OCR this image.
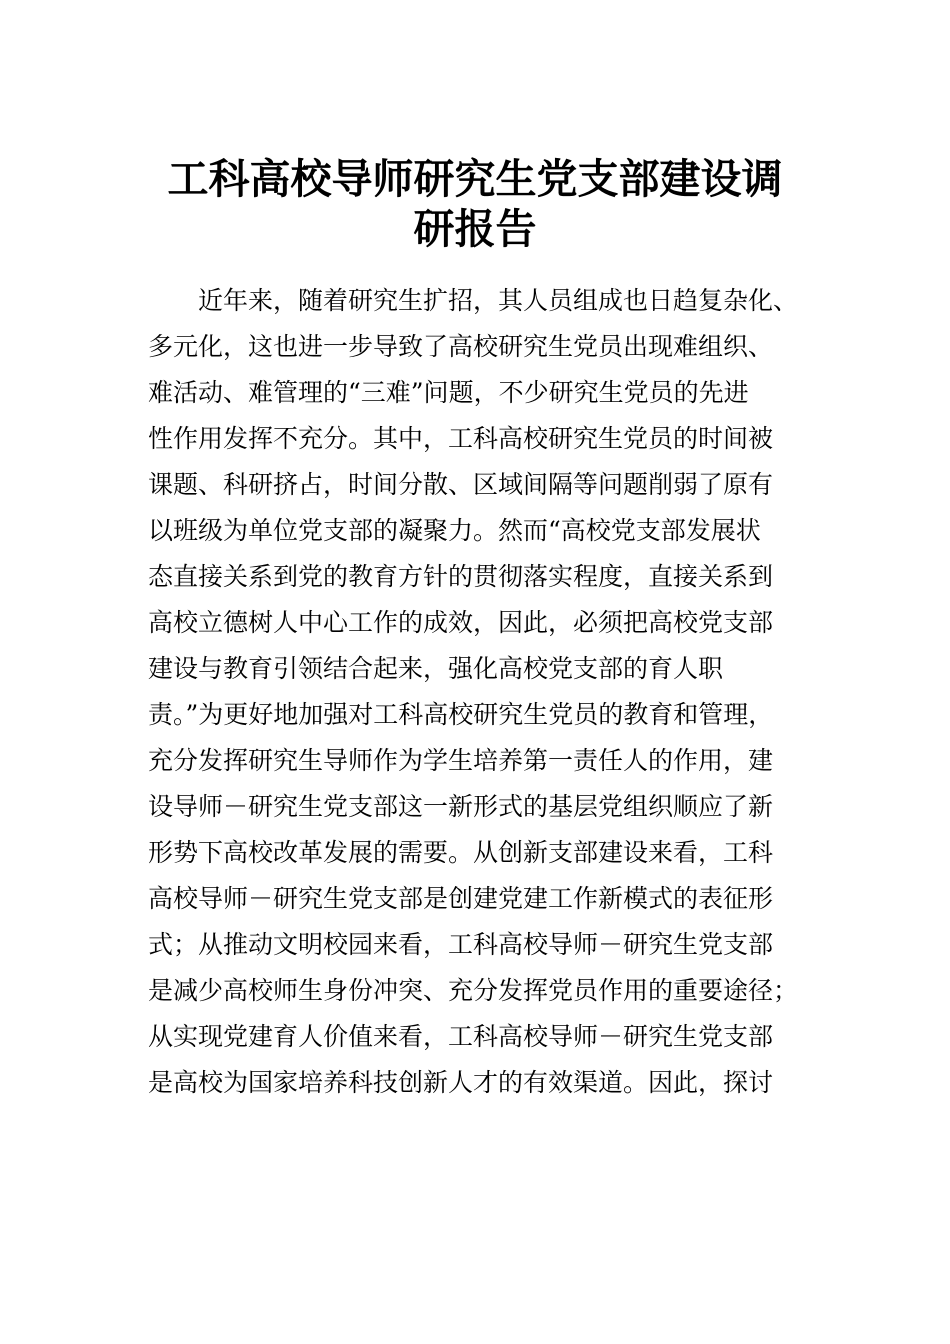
工科高校导师研究生党支部建设调
研报告
近年来，随着研究生扩招，其人员组成也日趋复杂化、
多元化，这也进一步导致了高校研究生党员出现难组织、
难活动、难管理的“三难”问题，不少研究生党员的先进
性作用发挥不充分。其中，工科高校研究生党员的时间被
课题、科研挤占，时间分散、区域间隔等问题削弱了原有
以班级为单位党支部的凝聚力。然而“高校党支部发展状
态直接关系到党的教育方针的贯彻落实程度，直接关系到
高校立德树人中心工作的成效，因此，必须把高校党支部
建设与教育引领结合起来，强化高校党支部的育人职
责。”为更好地加强对工科高校研究生党员的教育和管理，
充分发挥研究生导师作为学生培养第一责任人的作用，建
设导师－研究生党支部这一新形式的基层党组织顺应了新
形势下高校改革发展的需要。从创新支部建设来看，工科
高校导师－研究生党支部是创建党建工作新模式的表征形
式；从推动文明校园来看，工科高校导师－研究生党支部
是减少高校师生身份冲突、充分发挥党员作用的重要途径；
从实现党建育人价值来看，工科高校导师－研究生党支部
是高校为国家培养科技创新人才的有效渠道。因此，探讨
